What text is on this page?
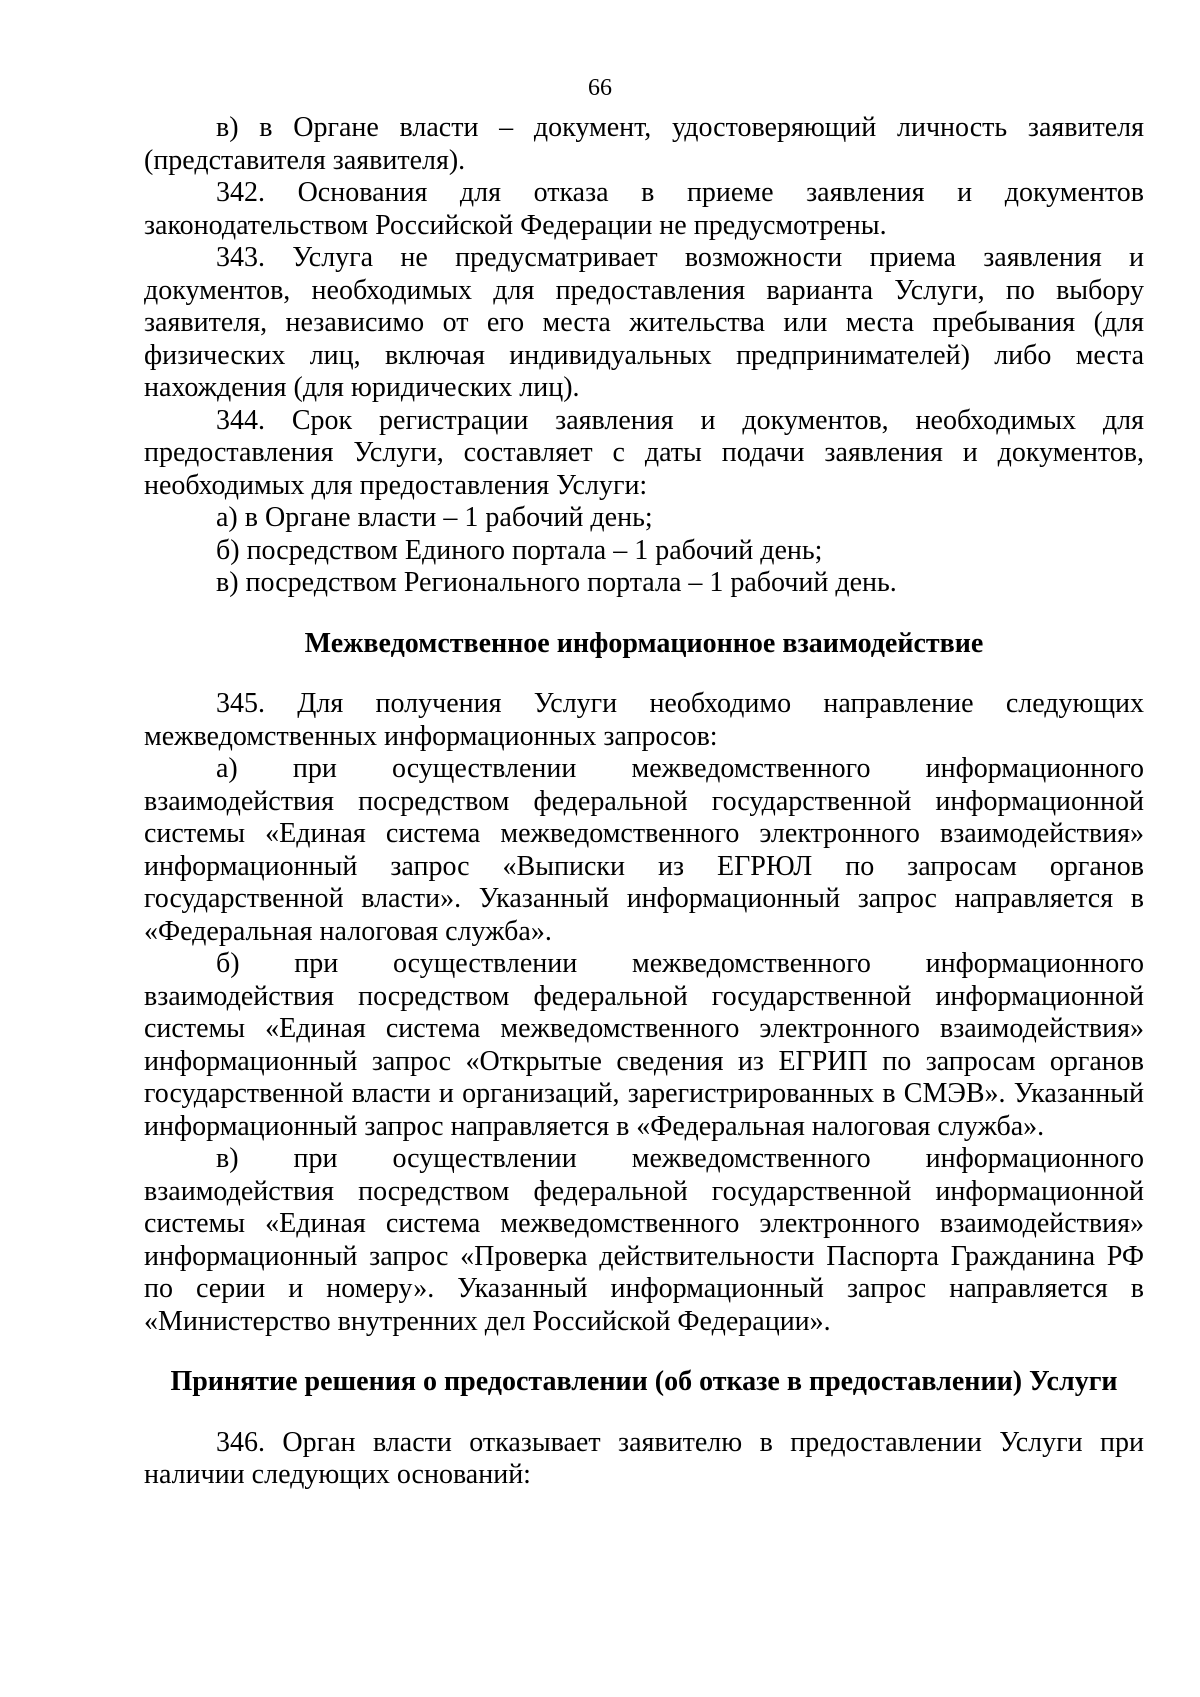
66

в) в Органе власти – документ, удостоверяющий личность заявителя (представителя заявителя).

342. Основания для отказа в приеме заявления и документов законодательством Российской Федерации не предусмотрены.

343. Услуга не предусматривает возможности приема заявления и документов, необходимых для предоставления варианта Услуги, по выбору заявителя, независимо от его места жительства или места пребывания (для физических лиц, включая индивидуальных предпринимателей) либо места нахождения (для юридических лиц).

344. Срок регистрации заявления и документов, необходимых для предоставления Услуги, составляет с даты подачи заявления и документов, необходимых для предоставления Услуги:

а) в Органе власти – 1 рабочий день;

б) посредством Единого портала – 1 рабочий день;

в) посредством Регионального портала – 1 рабочий день.

Межведомственное информационное взаимодействие

345. Для получения Услуги необходимо направление следующих межведомственных информационных запросов:

а) при осуществлении межведомственного информационного взаимодействия посредством федеральной государственной информационной системы «Единая система межведомственного электронного взаимодействия» информационный запрос «Выписки из ЕГРЮЛ по запросам органов государственной власти». Указанный информационный запрос направляется в «Федеральная налоговая служба».

б) при осуществлении межведомственного информационного взаимодействия посредством федеральной государственной информационной системы «Единая система межведомственного электронного взаимодействия» информационный запрос «Открытые сведения из ЕГРИП по запросам органов государственной власти и организаций, зарегистрированных в СМЭВ». Указанный информационный запрос направляется в «Федеральная налоговая служба».

в) при осуществлении межведомственного информационного взаимодействия посредством федеральной государственной информационной системы «Единая система межведомственного электронного взаимодействия» информационный запрос «Проверка действительности Паспорта Гражданина РФ по серии и номеру». Указанный информационный запрос направляется в «Министерство внутренних дел Российской Федерации».

Принятие решения о предоставлении (об отказе в предоставлении) Услуги

346. Орган власти отказывает заявителю в предоставлении Услуги при наличии следующих оснований:
